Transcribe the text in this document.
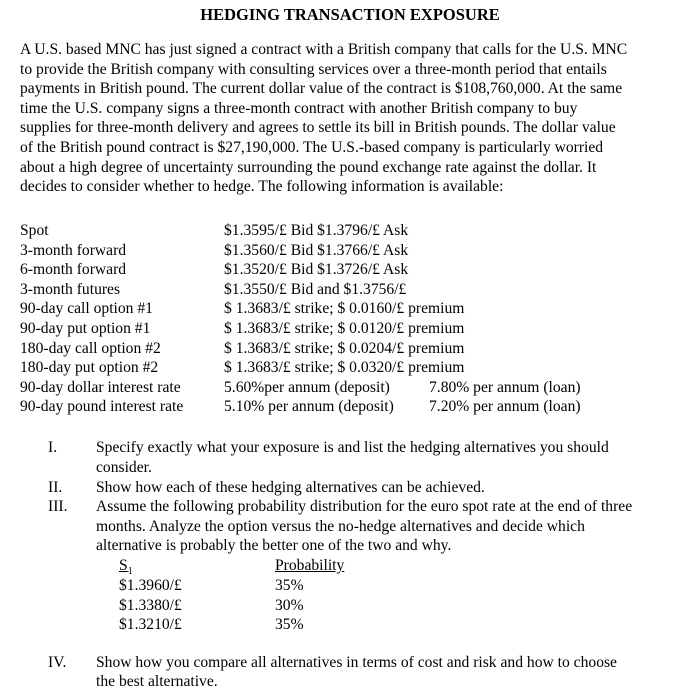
HEDGING TRANSACTION EXPOSURE
A U.S. based MNC has just signed a contract with a British company that calls for the U.S. MNC
to provide the British company with consulting services over a three-month period that entails
payments in British pound. The current dollar value of the contract is $108,760,000. At the same
time the U.S. company signs a three-month contract with another British company to buy
supplies for three-month delivery and agrees to settle its bill in British pounds. The dollar value
of the British pound contract is $27,190,000. The U.S.-based company is particularly worried
about a high degree of uncertainty surrounding the pound exchange rate against the dollar. It
decides to consider whether to hedge. The following information is available:
Spot	$1.3595/£ Bid $1.3796/£ Ask
3-month forward	$1.3560/£ Bid $1.3766/£ Ask
6-month forward	$1.3520/£ Bid $1.3726/£ Ask
3-month futures	$1.3550/£ Bid and $1.3756/£
90-day call option #1	$ 1.3683/£ strike; $ 0.0160/£ premium
90-day put option #1	$ 1.3683/£ strike; $ 0.0120/£ premium
180-day call option #2	$ 1.3683/£ strike; $ 0.0204/£ premium
180-day put option #2	$ 1.3683/£ strike; $ 0.0320/£ premium
90-day dollar interest rate	5.60%per annum (deposit)	7.80% per annum (loan)
90-day pound interest rate	5.10% per annum (deposit) 7.20% per annum (loan)
I. Specify exactly what your exposure is and list the hedging alternatives you should
consider.
II. Show how each of these hedging alternatives can be achieved.
III. Assume the following probability distribution for the euro spot rate at the end of three
months. Analyze the option versus the no-hedge alternatives and decide which
alternative is probably the better one of the two and why.
$S_1$	Probability
$1.3960/£	35%
$1.3380/£	30%
$1.3210/£	35%
IV. Show how you compare all alternatives in terms of cost and risk and how to choose
the best alternative.
